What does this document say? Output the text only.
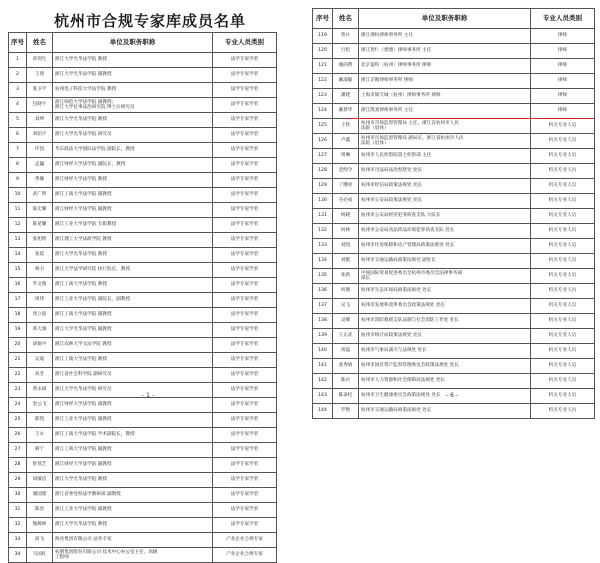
杭州市合规专家库成员名单
序号	姓名	单位及职务职称	专业人员类别
1	章剑生	浙江大学光华法学院 教授	法学专家学者
2	王倩	浙江大学光华法学院 副教授	法学专家学者
3	张卫平	杭州电子科技大学法学院 教授	法学专家学者
4	包晓宇	浙江师范大学法学院 副教授；
浙江大学民事法治研究院 博士后研究员	法学专家学者
5	刘坤	浙江大学光华法学院 教授	法学专家学者
6	刘绍宇	浙江大学光华法学院 研究员	法学专家学者
7	许凯	华东政法大学国际法学院 副院长，教授	法学专家学者
8	孟巍	浙江财经大学法学院 副院长，教授	法学专家学者
9	黄佩	浙江财经大学法学院 教授	法学专家学者
10	武广明	浙江工商大学法学院 副教授	法学专家学者
11	陈宏耀	浙江财经大学法学院 副教授	法学专家学者
12	陈星耀	浙江工业大学法学院 专职教授	法学专家学者
13	张旭明	浙江理工大学法政学院 教授	法学专家学者
14	张延	浙江大学光华法学院 教授	法学专家学者
15	林卫	浙江大学法学研究院 执行院长，教授	法学专家学者
16	罗文燕	浙江工商大学法学院 教授	法学专家学者
17	周伟	浙江工业大学法学院 副院长，副教授	法学专家学者
18	周立波	浙江工商大学法学院 副教授	法学专家学者
19	郑大康	浙江大学光华法学院 副教授	法学专家学者
20	胡锡平	浙江农林大学文法学院 教授	法学专家学者
21	吴迪	浙江工商大学法学院 教授	法学专家学者
22	高芳	浙江省社会科学院 副研究员	法学专家学者
23	黄永斌	浙江大学光华法学院 研究员	法学专家学者
24	金公飞	浙江财经大学法学院 副教授	法学专家学者
25	陈凯	浙江工业大学法学院 副教授	法学专家学者
26	王永	浙江工商大学法学院 学术副院长，教授	法学专家学者
27	韩宁	浙江工商大学法学院 副教授	法学专家学者
28	舒瑶芝	浙江财经大学法学院 副教授	法学专家学者
29	胡敏洁	浙江大学光华法学院 教授	法学专家学者
30	储国建	浙江省委党校法学教研部 副教授	法学专家学者
31	陈浩	浙江工业大学法学院 副教授	法学专家学者
32	熊樟林	浙江大学光华法学院 教授	法学专家学者
33	高飞	海亮集团有限公司 法务专家	产业企业合规专家
34	马国红	杭钢集团股份有限公司 技术中心办公室主任，高级
工程师	产业企业合规专家
- 1 -
序号	姓名	单位及职务职称	专业人员类别
119	蒋兵	浙江浙杭律师事务所 主任	律师
120	吕松	浙江智仁（建德）律师事务所 主任	律师
121	谢尚赞	北京盈科（杭州）律师事务所 律师	律师
122	戴淑敏	浙江京衡律师事务所 律师	律师
123	潘建	上海市锦天城（杭州）律师事务所 律师	律师
124	戴梦华	浙江凯麦律师事务所 主任	律师
125	王铁	杭州市市场监督管理局 主任，浙江省杭州市人民
法院（退休）	机关专业人员
126	卢鑫	杭州市市场监督管理局 副局长，浙江省杭州市人民
法院（退休）	机关专业人员
127	周琳	杭州市人民检察院第七检察部 主任	机关专业人员
128	金煦令	杭州市司法局法治督察处 处长	机关专业人员
129	丁曙亮	杭州市经信局政策法规处 处长	机关专业人员
130	毛必成	杭州市公安局政策法规处 处长	机关专业人员
131	杨晓	杭州市公安局经济犯罪侦查支队 大队长	机关专业人员
132	何林	杭州市公安局食品药品环境犯罪侦查支队 处长	机关专业人员
133	刘凯	杭州市住房保障和房产管理局政策法规处 处长	机关专业人员
134	刘挺	杭州市交通运输局政策法规处 副处长	机关专业人员
135	张新	中国国际贸易促进委员会杭州市委员会法律事务部
部长	机关专业人员
136	何薇	杭州市生态环境局政策法规处 处长	机关专业人员
137	吴飞	杭州市发展和改革委员会政策法规处 处长	机关专业人员
138	吴峰	杭州市消防救援支队法制与社会消防工作处 处长	机关专业人员
139	王正武	杭州市统计局政策法规处 处长	机关专业人员
140	周磊	杭州市气象局减灾与法规处 处长	机关专业人员
141	张秀娟	杭州市国有资产监督管理委员会政策法规处 处长	机关专业人员
142	陈兵	杭州市人力资源和社会保障局法规处 处长	机关专业人员
143	陈泰松	杭州市卫生健康委员会政策法规处 处长	机关专业人员
144	罗艳	杭州市交通运输局政策法规处 处长	机关专业人员
- 6 -
